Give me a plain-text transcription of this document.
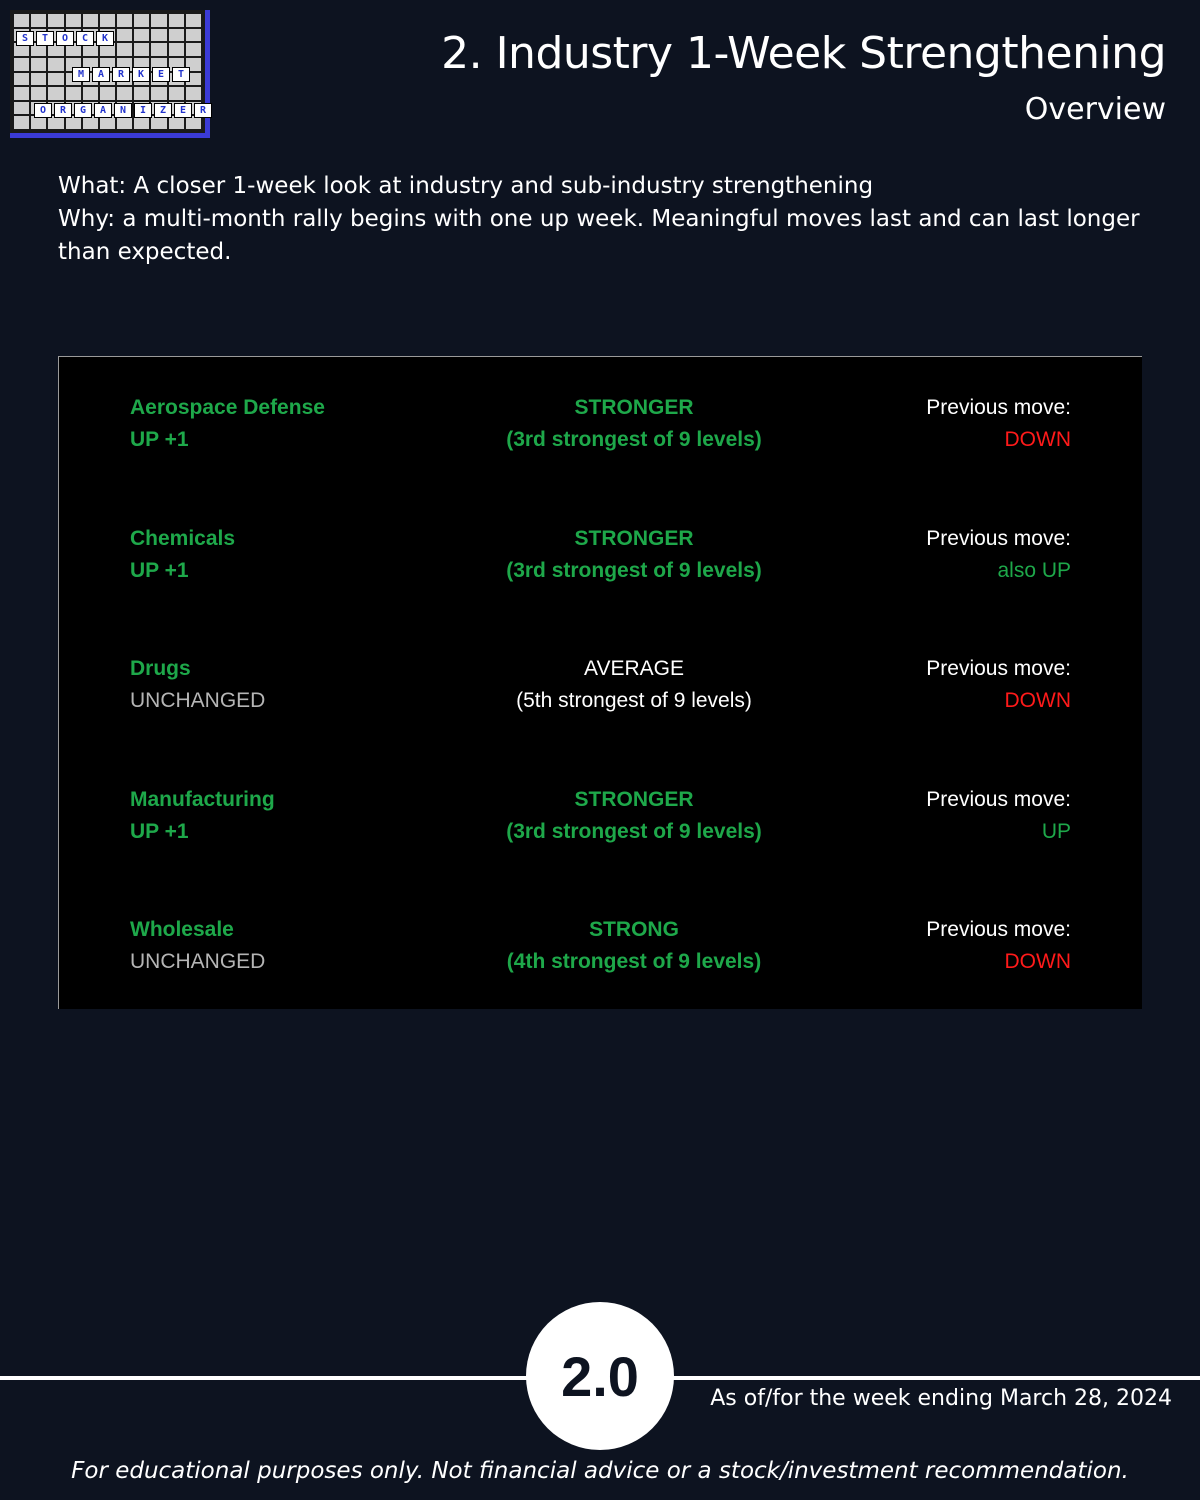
S	T	O	C	K
M	A	R	K	E	T
O	R	G	A	N	I	Z	E	R
2. Industry 1-Week Strengthening
Overview
What: A closer 1-week look at industry and sub-industry strengthening
Why: a multi-month rally begins with one up week. Meaningful moves last and can last longer than expected.
Aerospace Defense
UP +1
STRONGER
(3rd strongest of 9 levels)
Previous move:
DOWN
Chemicals
UP +1
STRONGER
(3rd strongest of 9 levels)
Previous move:
also UP
Drugs
UNCHANGED
AVERAGE
(5th strongest of 9 levels)
Previous move:
DOWN
Manufacturing
UP +1
STRONGER
(3rd strongest of 9 levels)
Previous move:
UP
Wholesale
UNCHANGED
STRONG
(4th strongest of 9 levels)
Previous move:
DOWN
2.0	As of/for the week ending March 28, 2024
For educational purposes only. Not financial advice or a stock/investment recommendation.
